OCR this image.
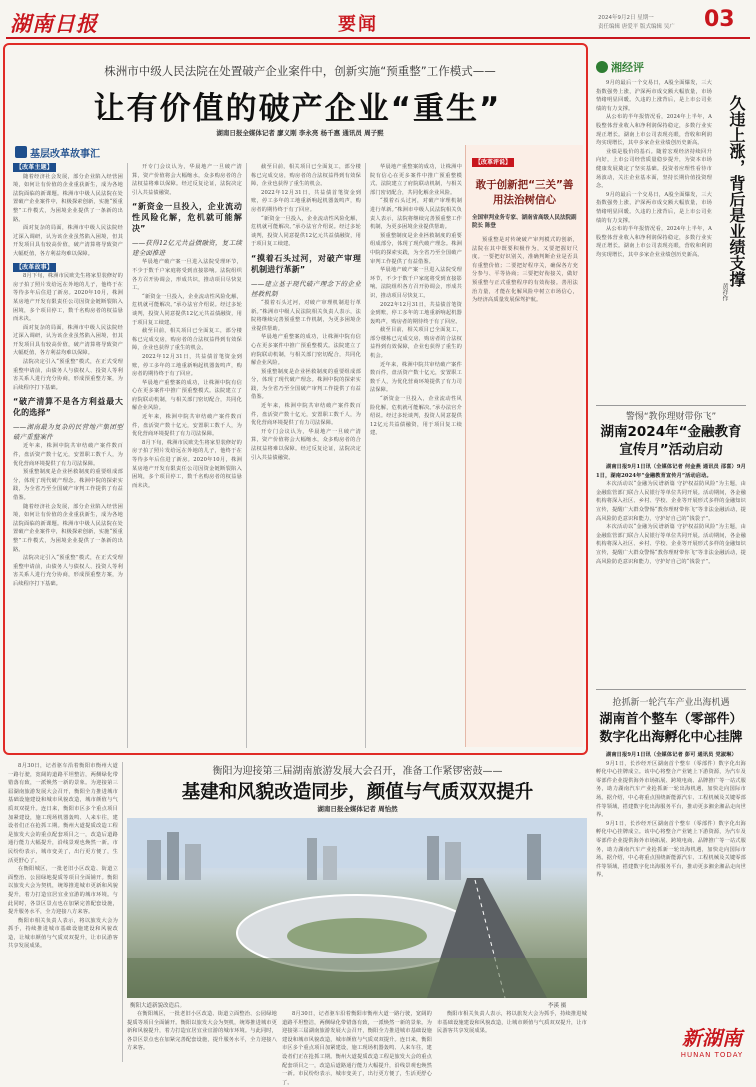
湖南日报	要闻	2024年9月2日 星期一
责任编辑 唐爱平 版式编辑 吴广 03
株洲市中级人民法院在处置破产企业案件中，创新实施“预重整”工作模式——
让有价值的破产企业“重生”
湖南日报全媒体记者 廖义刚 李永亮 杨千惠 通讯员 周子熙
基层改革故事汇
【改革主题】

随着经济社会发展，部分企业陷入经营困境，如何让有价值的企业重获新生，成为各地法院面临的新课题。株洲市中级人民法院在处置破产企业案件中，积极探索创新，实施“预重整”工作模式，为困境企业提供了一条新的出路。

面对复杂的局面，株洲市中级人民法院经过深入调研，认为该企业虽然陷入困境，但其开发项目具有较高价值，破产清算将导致资产大幅贬值，各方利益均难以保障。

【改革故事】

8月下旬，株洲市民欧先生将家里装修好的房子拍了照片发给远在外地的儿子，他终于在等待多年后住进了新房。2020年10月，株洲某房地产开发有限责任公司因资金链断裂陷入困境，多个项目停工，数千名购房者的权益悬而未决。

面对复杂的局面，株洲市中级人民法院经过深入调研，认为该企业虽然陷入困境，但其开发项目具有较高价值，破产清算将导致资产大幅贬值，各方利益均难以保障。

法院决定引入“预重整”模式，在正式受理重整申请前，由债务人与债权人、投资人等利害关系人进行充分协商，形成预重整方案，为后续程序打下基础。

“破产清算不是各方利益最大化的选择”
——湖南最为复杂的民营地产集团型破产重整案件

近年来，株洲中院共审结破产案件数百件，盘活资产数十亿元，安置职工数千人，为优化营商环境提供了有力司法保障。

预重整制度是企业拯救制度的重要组成部分，体现了现代破产理念。株洲中院的探索实践，为全省乃至全国破产审判工作提供了有益借鉴。

随着经济社会发展，部分企业陷入经营困境，如何让有价值的企业重获新生，成为各地法院面临的新课题。株洲市中级人民法院在处置破产企业案件中，积极探索创新，实施“预重整”工作模式，为困境企业提供了一条新的出路。

法院决定引入“预重整”模式，在正式受理重整申请前，由债务人与债权人、投资人等利害关系人进行充分协商，形成预重整方案，为后续程序打下基础。

开专门会议认为，华晨地产一旦破产清算，资产价值将会大幅缩水，众多购房者的合法权益将难以保障。经过反复论证，法院决定引入共益债融资。

“新资金一旦投入，企业流动性风险化解，危机就可能解决”
——获得12亿元共益债融资，复工续建全面推进

华晨地产破产案一旦进入法院受理环节，不少于数千户家庭将受到直接影响。法院组织各方召开协调会，形成共识，推动项目尽快复工。

“新资金一旦投入，企业流动性风险化解，危机就可能解决。”承办法官介绍说。经过多轮谈判，投资人同意提供12亿元共益债融资，用于项目复工续建。

截至目前，相关项目已全面复工，部分楼栋已完成交房，购房者的合法权益得到有效保障，企业也获得了重生的机会。

2022年12月31日，共益债首笔资金到账，停工多年的工地重新响起机器轰鸣声，购房者的期待终于有了回应。

华晨地产重整案的成功，让株洲中院有信心在更多案件中推广预重整模式。法院建立了府院联动机制，与相关部门密切配合，共同化解企业风险。

近年来，株洲中院共审结破产案件数百件，盘活资产数十亿元，安置职工数千人，为优化营商环境提供了有力司法保障。

8月下旬，株洲市民欧先生将家里装修好的房子拍了照片发给远在外地的儿子，他终于在等待多年后住进了新房。2020年10月，株洲某房地产开发有限责任公司因资金链断裂陷入困境，多个项目停工，数千名购房者的权益悬而未决。

截至目前，相关项目已全面复工，部分楼栋已完成交房，购房者的合法权益得到有效保障，企业也获得了重生的机会。

2022年12月31日，共益债首笔资金到账，停工多年的工地重新响起机器轰鸣声，购房者的期待终于有了回应。

“新资金一旦投入，企业流动性风险化解，危机就可能解决。”承办法官介绍说。经过多轮谈判，投资人同意提供12亿元共益债融资，用于项目复工续建。

“摸着石头过河，对破产审理机制进行革新”
——建立基于现代破产理念下的企业拯救机制

“摸着石头过河，对破产审理机制进行革新。”株洲市中级人民法院相关负责人表示，法院将继续完善预重整工作机制，为更多困境企业提供帮助。

华晨地产重整案的成功，让株洲中院有信心在更多案件中推广预重整模式。法院建立了府院联动机制，与相关部门密切配合，共同化解企业风险。

预重整制度是企业拯救制度的重要组成部分，体现了现代破产理念。株洲中院的探索实践，为全省乃至全国破产审判工作提供了有益借鉴。

近年来，株洲中院共审结破产案件数百件，盘活资产数十亿元，安置职工数千人，为优化营商环境提供了有力司法保障。

开专门会议认为，华晨地产一旦破产清算，资产价值将会大幅缩水，众多购房者的合法权益将难以保障。经过反复论证，法院决定引入共益债融资。

华晨地产重整案的成功，让株洲中院有信心在更多案件中推广预重整模式。法院建立了府院联动机制，与相关部门密切配合，共同化解企业风险。

“摸着石头过河，对破产审理机制进行革新。”株洲市中级人民法院相关负责人表示，法院将继续完善预重整工作机制，为更多困境企业提供帮助。

预重整制度是企业拯救制度的重要组成部分，体现了现代破产理念。株洲中院的探索实践，为全省乃至全国破产审判工作提供了有益借鉴。

华晨地产破产案一旦进入法院受理环节，不少于数千户家庭将受到直接影响。法院组织各方召开协调会，形成共识，推动项目尽快复工。

2022年12月31日，共益债首笔资金到账，停工多年的工地重新响起机器轰鸣声，购房者的期待终于有了回应。

截至目前，相关项目已全面复工，部分楼栋已完成交房，购房者的合法权益得到有效保障，企业也获得了重生的机会。

近年来，株洲中院共审结破产案件数百件，盘活资产数十亿元，安置职工数千人，为优化营商环境提供了有力司法保障。

“新资金一旦投入，企业流动性风险化解，危机就可能解决。”承办法官介绍说。经过多轮谈判，投资人同意提供12亿元共益债融资，用于项目复工续建。

【改革评说】
敢于创新把“三关”善用法治树信心
全国审判业务专家、湖南省高级人民法院副院长 陈登
预重整是对传统破产审判模式的创新，法院在其中既要积极作为，又要把握好尺度。一要把好识别关，准确判断企业是否具有重整价值；二要把好程序关，确保各方充分参与、平等协商；三要把好衔接关，做好预重整与正式重整程序的有效衔接。善用法治力量，才能在化解风险中树立市场信心，为经济高质量发展保驾护航。
湘经评

9月的最后一个交易日，A股全面爆发，三大指数强势上涨，沪深两市成交额大幅放量，市场情绪明显回暖。久违的上涨背后，是上市公司业绩的有力支撑。

从公布的半年报情况看，2024年上半年，A股整体营业收入和净利润保持稳定，多数行业实现正增长。湖南上市公司表现亮眼，营收和利润均实现增长，其中多家企业业绩创历史新高。

业绩是股价的基石。随着宏观经济持续回升向好，上市公司经营质量稳步提升，为资本市场健康发展奠定了坚实基础。投资者应理性看待市场波动，关注企业基本面，坚持长期价值投资理念。

9月的最后一个交易日，A股全面爆发，三大指数强势上涨，沪深两市成交额大幅放量，市场情绪明显回暖。久违的上涨背后，是上市公司业绩的有力支撑。

从公布的半年报情况看，2024年上半年，A股整体营业收入和净利润保持稳定，多数行业实现正增长。湖南上市公司表现亮眼，营收和利润均实现增长，其中多家企业业绩创历史新高。	久违上涨，背后是业绩支撑
黄祥作
警惕“教你理财带你飞”
湖南2024年“金融教育宣传月”活动启动

湖南日报9月1日讯（全媒体记者 何金燕 通讯员 邵喜）9月1日，湖南2024年“金融教育宣传月”活动启动。

本次活动以“金融为民谱新篇 守护权益防风险”为主题，由金融监管部门联合人民银行等单位共同开展。活动期间，各金融机构将深入社区、乡村、学校、企业等开展形式多样的金融知识宣传，提醒广大群众警惕“教你理财带你飞”等非法金融活动，提高风险防范意识和能力，守护好自己的“钱袋子”。

本次活动以“金融为民谱新篇 守护权益防风险”为主题，由金融监管部门联合人民银行等单位共同开展。活动期间，各金融机构将深入社区、乡村、学校、企业等开展形式多样的金融知识宣传，提醒广大群众警惕“教你理财带你飞”等非法金融活动，提高风险防范意识和能力，守护好自己的“钱袋子”。

抢抓新一轮汽车产业出海机遇
湖南首个整车（零部件）数字化出海孵化中心挂牌

湖南日报9月1日讯（全媒体记者 彭可 通讯员 党淑琳）

9月1日，长沙经开区湖南首个整车（零部件）数字化出海孵化中心挂牌成立。该中心将整合产业链上下游资源，为汽车及零部件企业提供海外市场拓展、跨境电商、品牌推广等一站式服务，助力湖南汽车产业抢抓新一轮出海机遇，加快走向国际市场。据介绍，中心将重点围绕新能源汽车、工程机械及关键零部件等领域，搭建数字化出海服务平台，推动更多湘企湘品走向世界。

9月1日，长沙经开区湖南首个整车（零部件）数字化出海孵化中心挂牌成立。该中心将整合产业链上下游资源，为汽车及零部件企业提供海外市场拓展、跨境电商、品牌推广等一站式服务，助力湖南汽车产业抢抓新一轮出海机遇，加快走向国际市场。据介绍，中心将重点围绕新能源汽车、工程机械及关键零部件等领域，搭建数字化出海服务平台，推动更多湘企湘品走向世界。

8月30日，记者驱车沿着衡阳市衡州大道一路行驶，宽阔的道路平坦整洁，两侧绿化带错落有致，一派焕然一新的景象。为迎接第三届湖南旅游发展大会召开，衡阳全力推进城市基础设施建设和城市风貌改造，城市颜值与气质双双提升。连日来，衡阳市区多个重点项目加紧建设，施工现场机器轰鸣、人来车往，建设者们正在抢抓工期。衡州大道提质改造工程是旅发大会的重点配套项目之一，改造后道路通行能力大幅提升，沿线景观也焕然一新。市民纷纷表示，城市变美了，出行更方便了，生活更舒心了。

在衡阳城区，一批老旧小区改造、街道立面整治、公园绿地提质等项目全面铺开。衡阳以旅发大会为契机，统筹推进城市更新和风貌提升，着力打造宜居宜业宜游的城市环境。与此同时，各景区景点也在加紧完善配套设施，提升服务水平，全力迎接八方来客。

衡阳市相关负责人表示，将以旅发大会为抓手，持续推进城市基础设施建设和风貌改造，让城市颜值与气质双双提升，让市民游客共享发展成果。

衡阳为迎接第三届湖南旅游发展大会召开，准备工作紧锣密鼓——
基建和风貌改造同步，颜值与气质双双提升
湖南日报全媒体记者 周怡然
衡阳大道新貌改造后。	李溪 摄

在衡阳城区，一批老旧小区改造、街道立面整治、公园绿地提质等项目全面铺开。衡阳以旅发大会为契机，统筹推进城市更新和风貌提升，着力打造宜居宜业宜游的城市环境。与此同时，各景区景点也在加紧完善配套设施，提升服务水平，全力迎接八方来客。

8月30日，记者驱车沿着衡阳市衡州大道一路行驶，宽阔的道路平坦整洁，两侧绿化带错落有致，一派焕然一新的景象。为迎接第三届湖南旅游发展大会召开，衡阳全力推进城市基础设施建设和城市风貌改造，城市颜值与气质双双提升。连日来，衡阳市区多个重点项目加紧建设，施工现场机器轰鸣、人来车往，建设者们正在抢抓工期。衡州大道提质改造工程是旅发大会的重点配套项目之一，改造后道路通行能力大幅提升，沿线景观也焕然一新。市民纷纷表示，城市变美了，出行更方便了，生活更舒心了。

衡阳市相关负责人表示，将以旅发大会为抓手，持续推进城市基础设施建设和风貌改造，让城市颜值与气质双双提升，让市民游客共享发展成果。	新湖南
HUNAN TODAY
